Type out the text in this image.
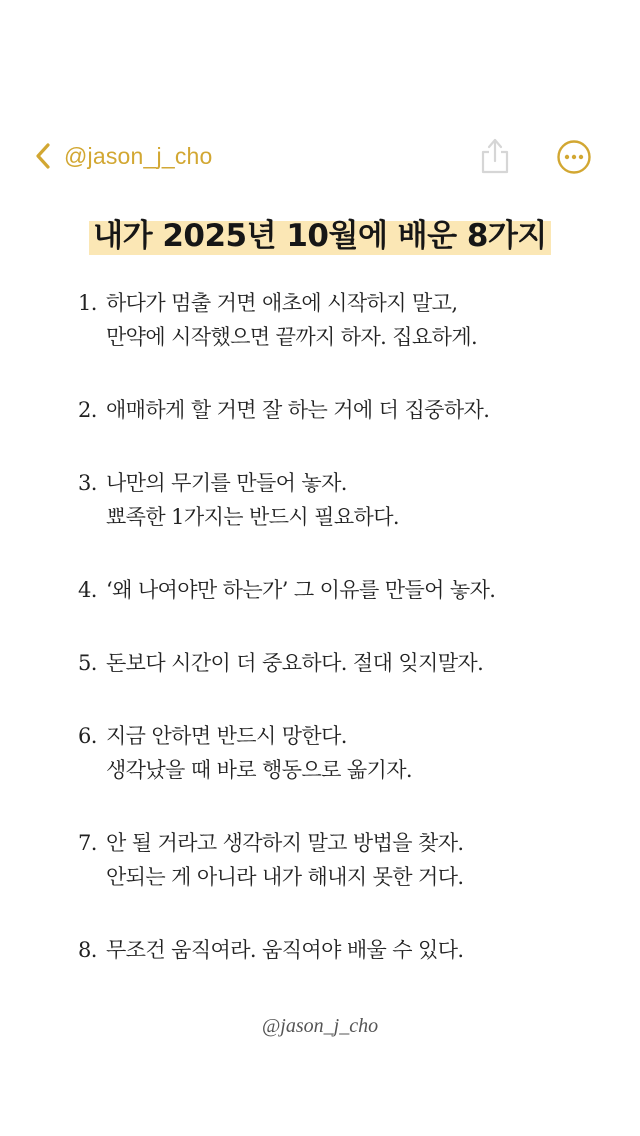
@jason_j_cho
내가 2025년 10월에 배운 8가지
1. 하다가 멈출 거면 애초에 시작하지 말고,
만약에 시작했으면 끝까지 하자. 집요하게.
2. 애매하게 할 거면 잘 하는 거에 더 집중하자.
3. 나만의 무기를 만들어 놓자.
뾰족한 1가지는 반드시 필요하다.
4. ‘왜 나여야만 하는가’ 그 이유를 만들어 놓자.
5. 돈보다 시간이 더 중요하다. 절대 잊지말자.
6. 지금 안하면 반드시 망한다.
생각났을 때 바로 행동으로 옮기자.
7. 안 될 거라고 생각하지 말고 방법을 찾자.
안되는 게 아니라 내가 해내지 못한 거다.
8. 무조건 움직여라. 움직여야 배울 수 있다.
@jason_j_cho
